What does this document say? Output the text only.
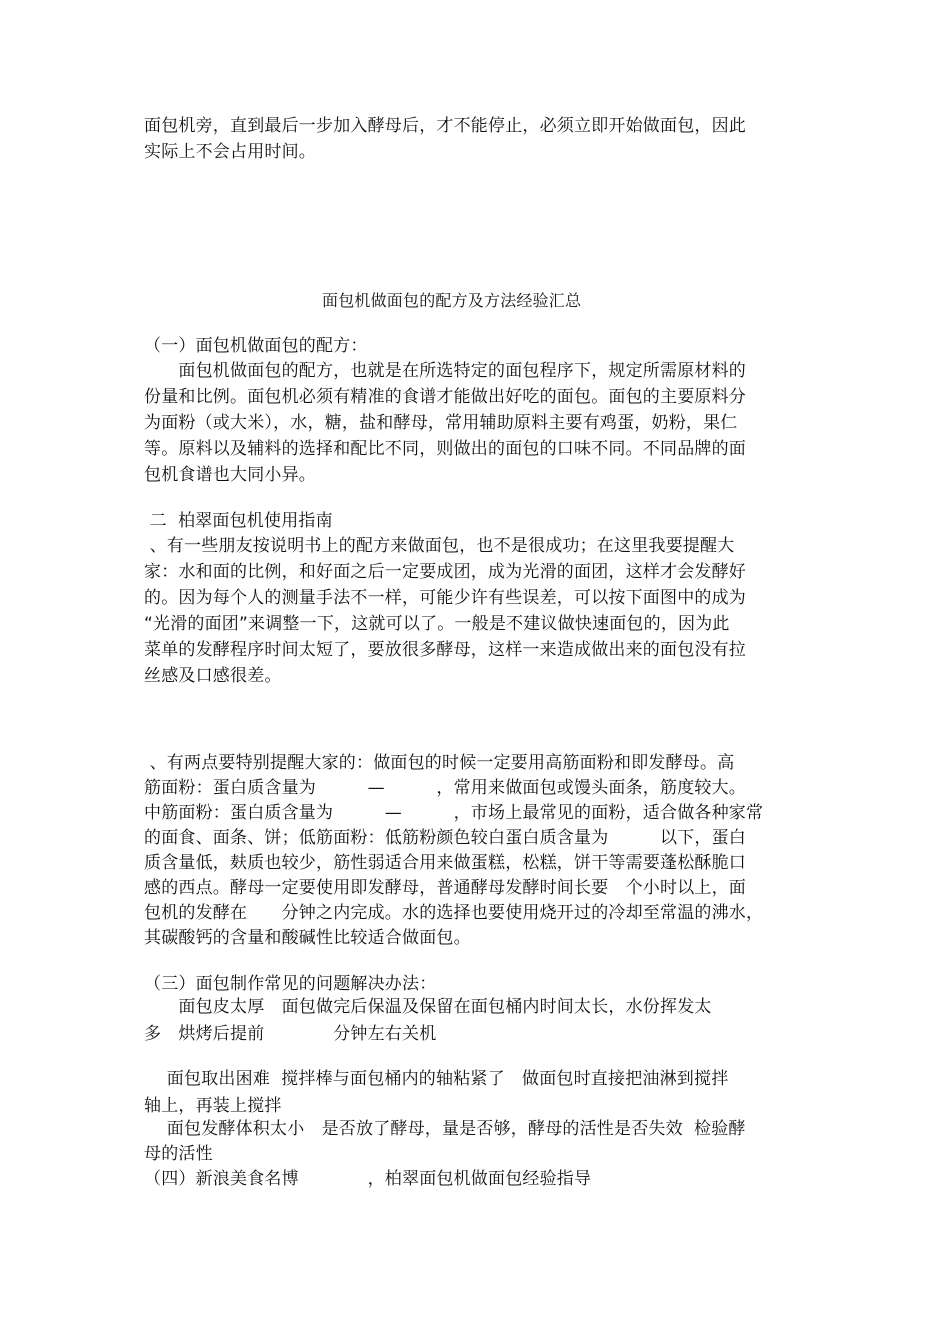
面包机旁，直到最后一步加入酵母后，才不能停止，必须立即开始做面包，因此

实际上不会占用时间。

面包机做面包的配方及方法经验汇总

（一）面包机做面包的配方：

　　面包机做面包的配方，也就是在所选特定的面包程序下，规定所需原材料的

份量和比例。面包机必须有精准的食谱才能做出好吃的面包。面包的主要原料分

为面粉（或大米），水，糖，盐和酵母，常用辅助原料主要有鸡蛋，奶粉，果仁

等。原料以及辅料的选择和配比不同，则做出的面包的口味不同。不同品牌的面

包机食谱也大同小异。

二  柏翠面包机使用指南

、有一些朋友按说明书上的配方来做面包，也不是很成功；在这里我要提醒大

家：水和面的比例，和好面之后一定要成团，成为光滑的面团，这样才会发酵好

的。因为每个人的测量手法不一样，可能少许有些误差，可以按下面图中的成为

“光滑的面团”来调整一下，这就可以了。一般是不建议做快速面包的，因为此

菜单的发酵程序时间太短了，要放很多酵母，这样一来造成做出来的面包没有拉

丝感及口感很差。

、有两点要特别提醒大家的：做面包的时候一定要用高筋面粉和即发酵母。高

筋面粉：蛋白质含量为　　　—　　　，常用来做面包或馒头面条，筋度较大。

中筋面粉：蛋白质含量为　　　—　　　，市场上最常见的面粉，适合做各种家常

的面食、面条、饼；低筋面粉：低筋粉颜色较白蛋白质含量为　　　以下，蛋白

质含量低，麸质也较少，筋性弱适合用来做蛋糕，松糕，饼干等需要蓬松酥脆口

感的西点。酵母一定要使用即发酵母，普通酵母发酵时间长要　个小时以上，面

包机的发酵在　　分钟之内完成。水的选择也要使用烧开过的冷却至常温的沸水，

其碳酸钙的含量和酸碱性比较适合做面包。

（三）面包制作常见的问题解决办法：

　　面包皮太厚　面包做完后保温及保留在面包桶内时间太长，水份挥发太

多　烘烤后提前　　　　分钟左右关机

　 面包取出困难  搅拌棒与面包桶内的轴粘紧了　做面包时直接把油淋到搅拌

轴上，再装上搅拌

　 面包发酵体积太小　是否放了酵母，量是否够，酵母的活性是否失效  检验酵

母的活性

（四）新浪美食名博　　　　，柏翠面包机做面包经验指导
